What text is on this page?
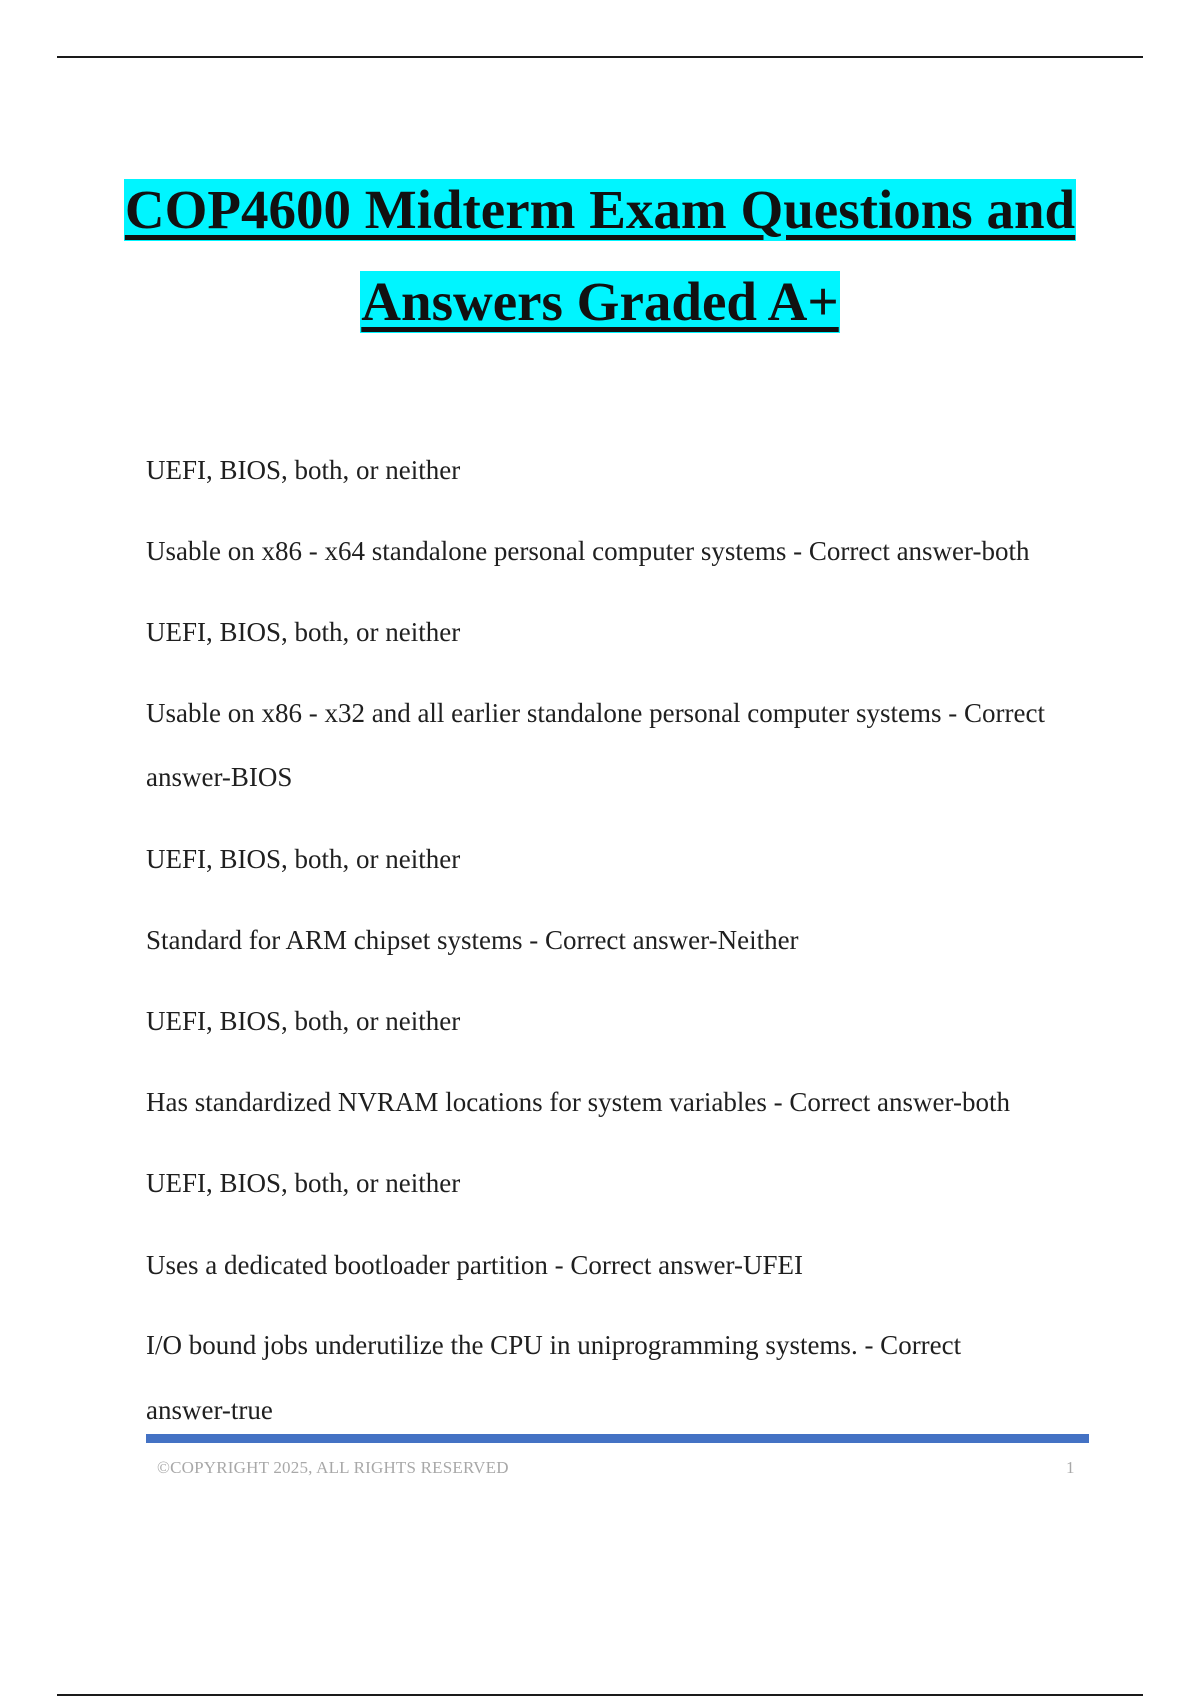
COP4600 Midterm Exam Questions and
Answers Graded A+

UEFI, BIOS, both, or neither

Usable on x86 - x64 standalone personal computer systems - Correct answer-both

UEFI, BIOS, both, or neither

Usable on x86 - x32 and all earlier standalone personal computer systems - Correct

answer-BIOS

UEFI, BIOS, both, or neither

Standard for ARM chipset systems - Correct answer-Neither

UEFI, BIOS, both, or neither

Has standardized NVRAM locations for system variables - Correct answer-both

UEFI, BIOS, both, or neither

Uses a dedicated bootloader partition - Correct answer-UFEI

I/O bound jobs underutilize the CPU in uniprogramming systems. - Correct

answer-true

©COPYRIGHT 2025, ALL RIGHTS RESERVED	1
